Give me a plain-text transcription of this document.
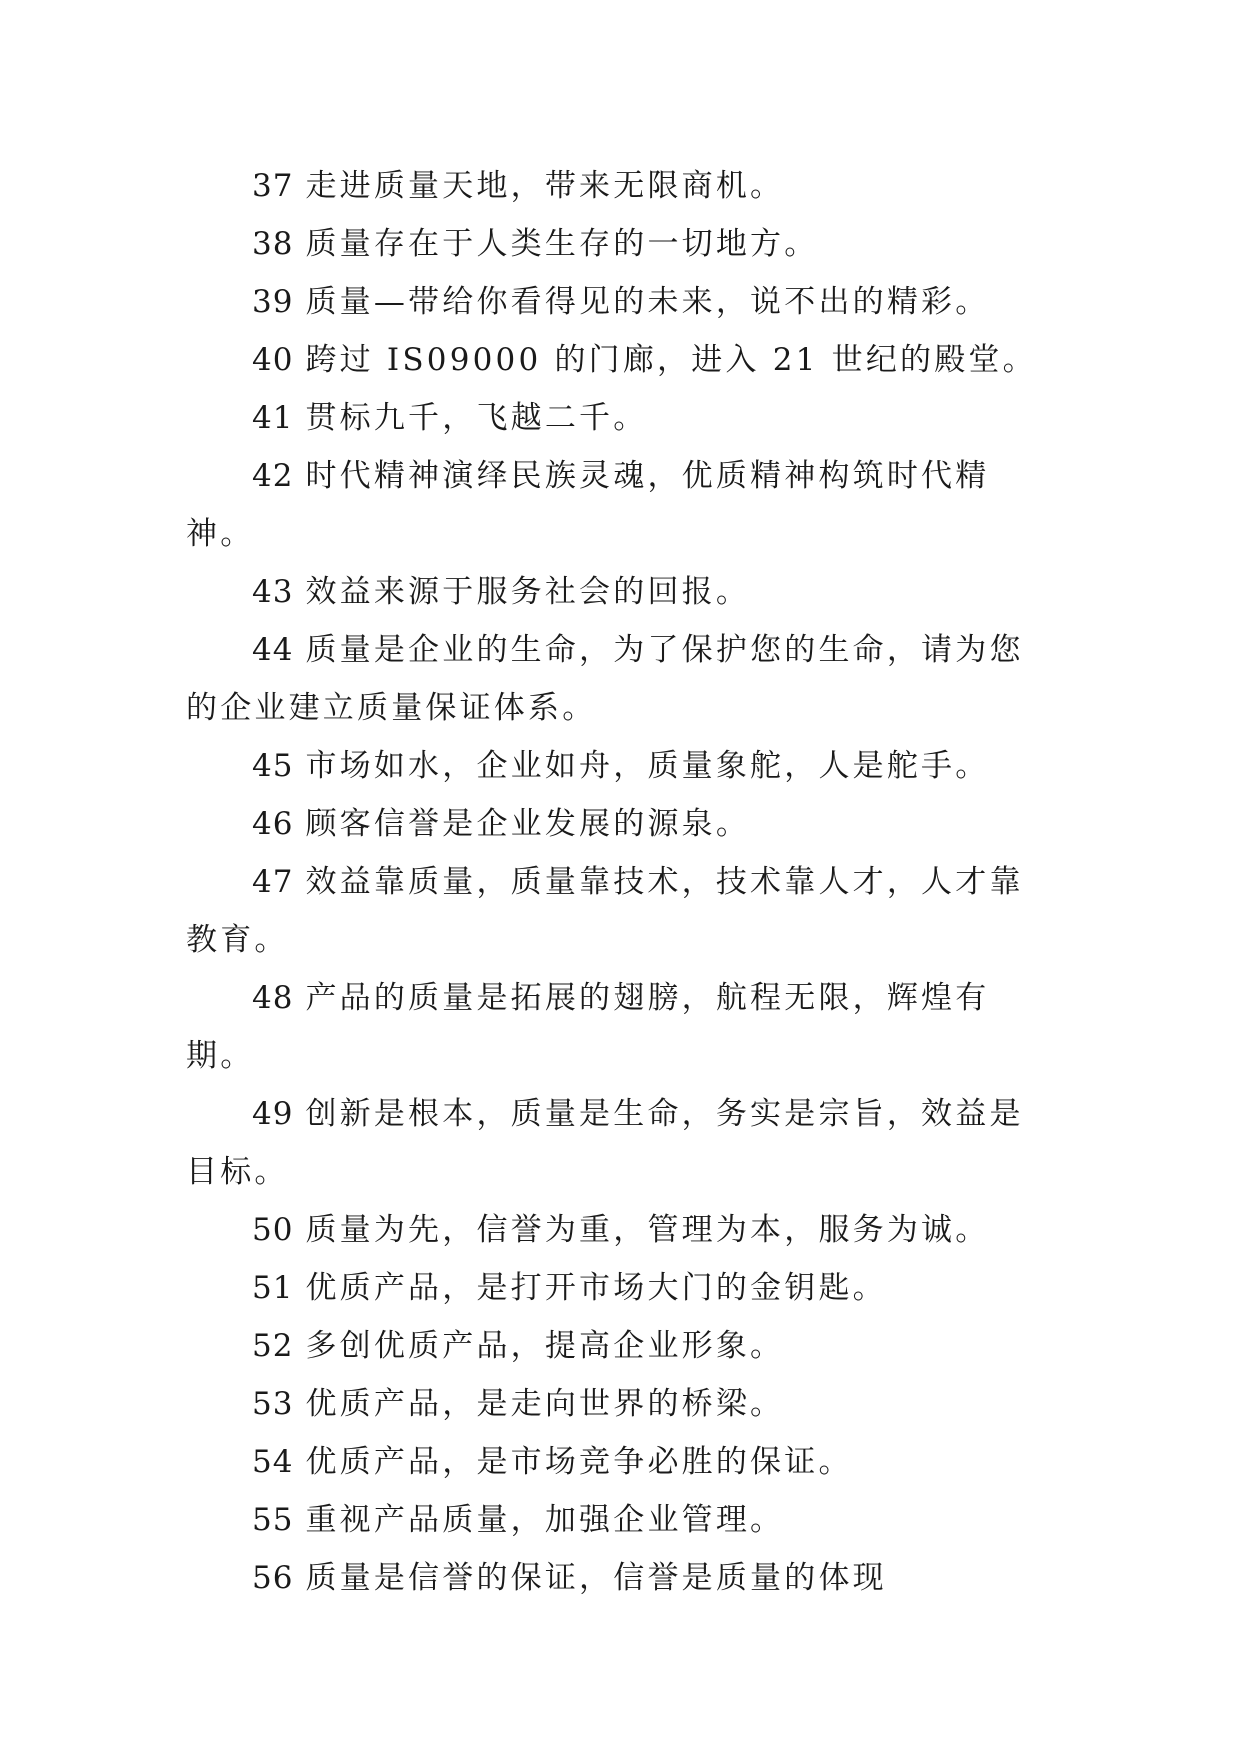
37 走进质量天地，带来无限商机。

38 质量存在于人类生存的一切地方。

39 质量—带给你看得见的未来，说不出的精彩。

40 跨过 IS09000 的门廊，进入 21 世纪的殿堂。

41 贯标九千，飞越二千。

42 时代精神演绎民族灵魂，优质精神构筑时代精神。

43 效益来源于服务社会的回报。

44 质量是企业的生命，为了保护您的生命，请为您的企业建立质量保证体系。

45 市场如水，企业如舟，质量象舵，人是舵手。

46 顾客信誉是企业发展的源泉。

47 效益靠质量，质量靠技术，技术靠人才，人才靠教育。

48 产品的质量是拓展的翅膀，航程无限，辉煌有期。

49 创新是根本，质量是生命，务实是宗旨，效益是目标。

50 质量为先，信誉为重，管理为本，服务为诚。

51 优质产品，是打开市场大门的金钥匙。

52 多创优质产品，提高企业形象。

53 优质产品，是走向世界的桥梁。

54 优质产品，是市场竞争必胜的保证。

55 重视产品质量，加强企业管理。

56 质量是信誉的保证，信誉是质量的体现
